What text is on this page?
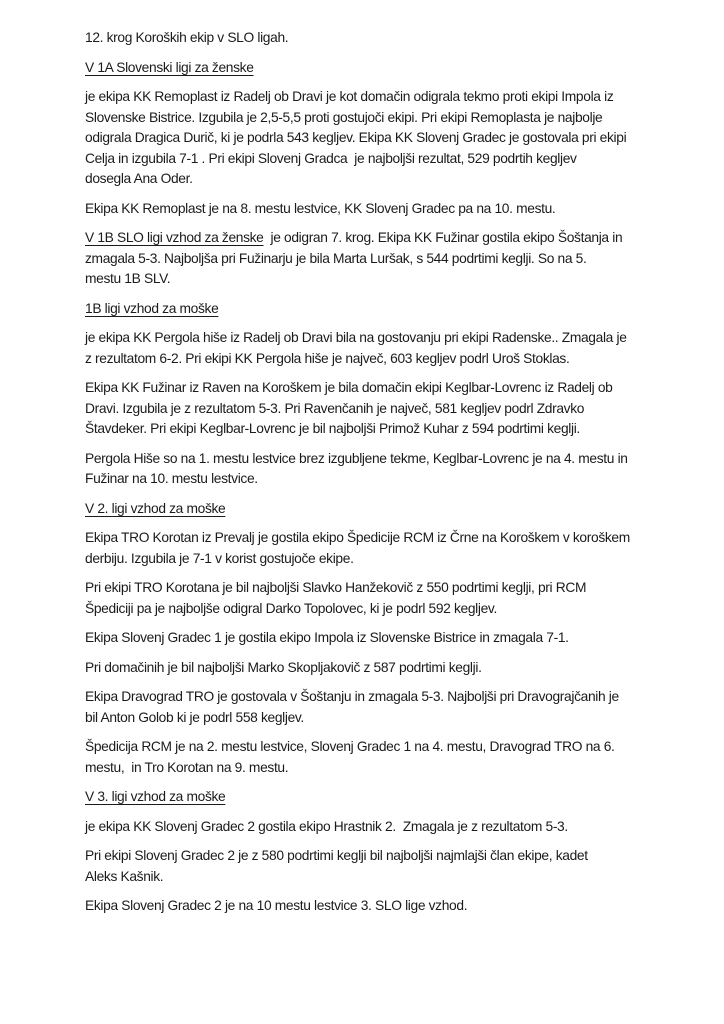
12. krog Koroških ekip v SLO ligah.

V 1A Slovenski ligi za ženske

je ekipa KK Remoplast iz Radelj ob Dravi je kot domačin odigrala tekmo proti ekipi Impola iz
Slovenske Bistrice. Izgubila je 2,5-5,5 proti gostujoči ekipi. Pri ekipi Remoplasta je najbolje
odigrala Dragica Durič, ki je podrla 543 kegljev. Ekipa KK Slovenj Gradec je gostovala pri ekipi
Celja in izgubila 7-1 . Pri ekipi Slovenj Gradca  je najboljši rezultat, 529 podrtih kegljev
dosegla Ana Oder.

Ekipa KK Remoplast je na 8. mestu lestvice, KK Slovenj Gradec pa na 10. mestu.

V 1B SLO ligi vzhod za ženske  je odigran 7. krog. Ekipa KK Fužinar gostila ekipo Šoštanja in
zmagala 5-3. Najboljša pri Fužinarju je bila Marta Luršak, s 544 podrtimi keglji. So na 5.
mestu 1B SLV.

1B ligi vzhod za moške

je ekipa KK Pergola hiše iz Radelj ob Dravi bila na gostovanju pri ekipi Radenske.. Zmagala je
z rezultatom 6-2. Pri ekipi KK Pergola hiše je največ, 603 kegljev podrl Uroš Stoklas.

Ekipa KK Fužinar iz Raven na Koroškem je bila domačin ekipi Keglbar-Lovrenc iz Radelj ob
Dravi. Izgubila je z rezultatom 5-3. Pri Ravenčanih je največ, 581 kegljev podrl Zdravko
Štavdeker. Pri ekipi Keglbar-Lovrenc je bil najboljši Primož Kuhar z 594 podrtimi keglji.

Pergola Hiše so na 1. mestu lestvice brez izgubljene tekme, Keglbar-Lovrenc je na 4. mestu in
Fužinar na 10. mestu lestvice.

V 2. ligi vzhod za moške

Ekipa TRO Korotan iz Prevalj je gostila ekipo Špedicije RCM iz Črne na Koroškem v koroškem
derbiju. Izgubila je 7-1 v korist gostujoče ekipe.

Pri ekipi TRO Korotana je bil najboljši Slavko Hanžekovič z 550 podrtimi keglji, pri RCM
Špediciji pa je najboljše odigral Darko Topolovec, ki je podrl 592 kegljev.

Ekipa Slovenj Gradec 1 je gostila ekipo Impola iz Slovenske Bistrice in zmagala 7-1.

Pri domačinih je bil najboljši Marko Skopljakovič z 587 podrtimi keglji.

Ekipa Dravograd TRO je gostovala v Šoštanju in zmagala 5-3. Najboljši pri Dravograjčanih je
bil Anton Golob ki je podrl 558 kegljev.

Špedicija RCM je na 2. mestu lestvice, Slovenj Gradec 1 na 4. mestu, Dravograd TRO na 6.
mestu,  in Tro Korotan na 9. mestu.

V 3. ligi vzhod za moške

je ekipa KK Slovenj Gradec 2 gostila ekipo Hrastnik 2.  Zmagala je z rezultatom 5-3.

Pri ekipi Slovenj Gradec 2 je z 580 podrtimi keglji bil najboljši najmlajši član ekipe, kadet
Aleks Kašnik.

Ekipa Slovenj Gradec 2 je na 10 mestu lestvice 3. SLO lige vzhod.
